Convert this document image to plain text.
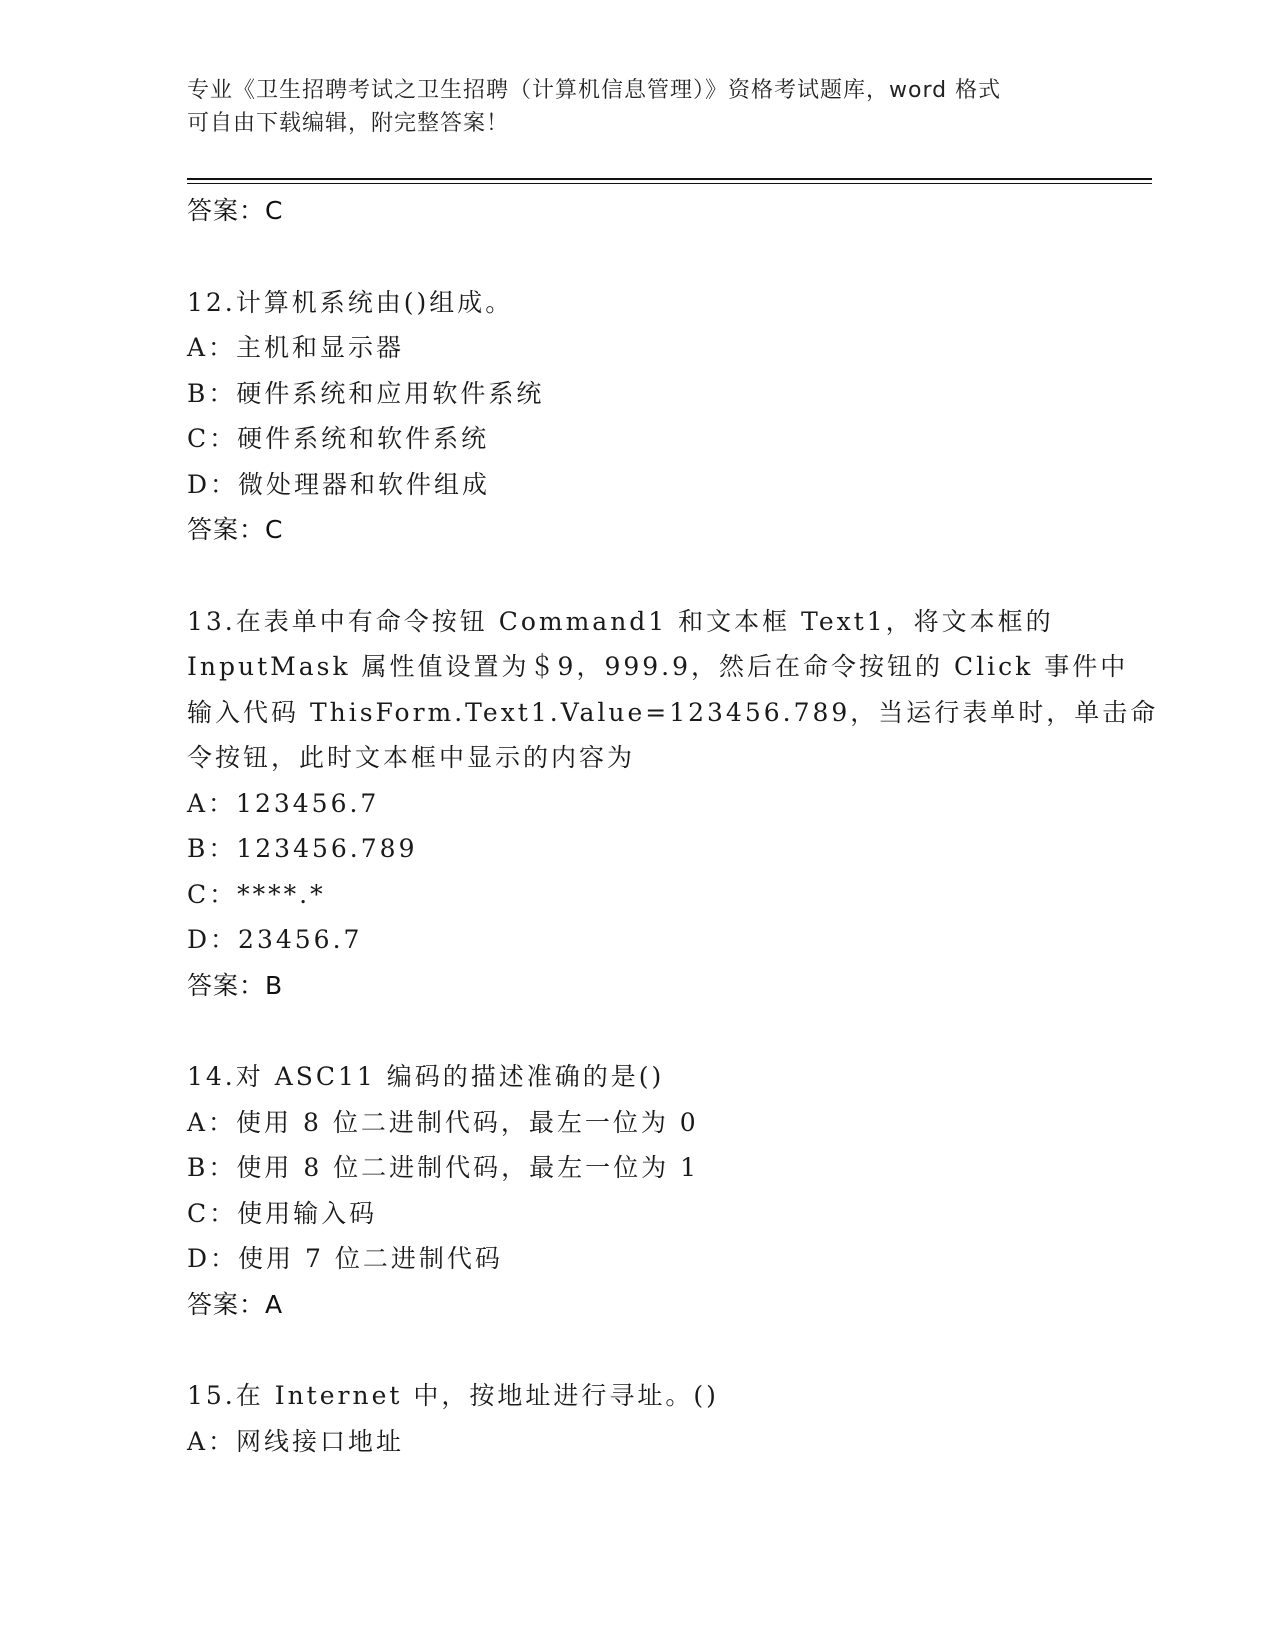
专业《卫生招聘考试之卫生招聘（计算机信息管理）》资格考试题库，word 格式
可自由下载编辑，附完整答案！
答案：C
12.计算机系统由()组成。
A：主机和显示器
B：硬件系统和应用软件系统
C：硬件系统和软件系统
D：微处理器和软件组成
答案：C
13.在表单中有命令按钮 Command1 和文本框 Text1，将文本框的
InputMask 属性值设置为＄9，999.9，然后在命令按钮的 Click 事件中
输入代码 ThisForm.Text1.Value=123456.789，当运行表单时，单击命
令按钮，此时文本框中显示的内容为
A：123456.7
B：123456.789
C：****.*
D：23456.7
答案：B
14.对 ASC11 编码的描述准确的是()
A：使用 8 位二进制代码，最左一位为 0
B：使用 8 位二进制代码，最左一位为 1
C：使用输入码
D：使用 7 位二进制代码
答案：A
15.在 Internet 中，按地址进行寻址。()
A：网线接口地址
